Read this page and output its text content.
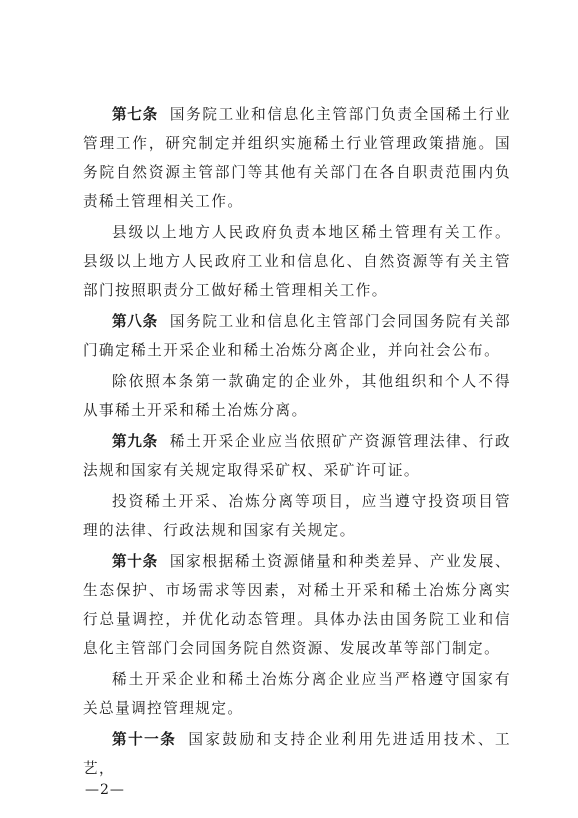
第七条 国务院工业和信息化主管部门负责全国稀土行业管理工作，研究制定并组织实施稀土行业管理政策措施。国务院自然资源主管部门等其他有关部门在各自职责范围内负责稀土管理相关工作。

县级以上地方人民政府负责本地区稀土管理有关工作。县级以上地方人民政府工业和信息化、自然资源等有关主管部门按照职责分工做好稀土管理相关工作。

第八条 国务院工业和信息化主管部门会同国务院有关部门确定稀土开采企业和稀土冶炼分离企业，并向社会公布。

除依照本条第一款确定的企业外，其他组织和个人不得从事稀土开采和稀土冶炼分离。

第九条 稀土开采企业应当依照矿产资源管理法律、行政法规和国家有关规定取得采矿权、采矿许可证。

投资稀土开采、冶炼分离等项目，应当遵守投资项目管理的法律、行政法规和国家有关规定。

第十条 国家根据稀土资源储量和种类差异、产业发展、生态保护、市场需求等因素，对稀土开采和稀土冶炼分离实行总量调控，并优化动态管理。具体办法由国务院工业和信息化主管部门会同国务院自然资源、发展改革等部门制定。

稀土开采企业和稀土冶炼分离企业应当严格遵守国家有关总量调控管理规定。

第十一条 国家鼓励和支持企业利用先进适用技术、工艺，

—2—
